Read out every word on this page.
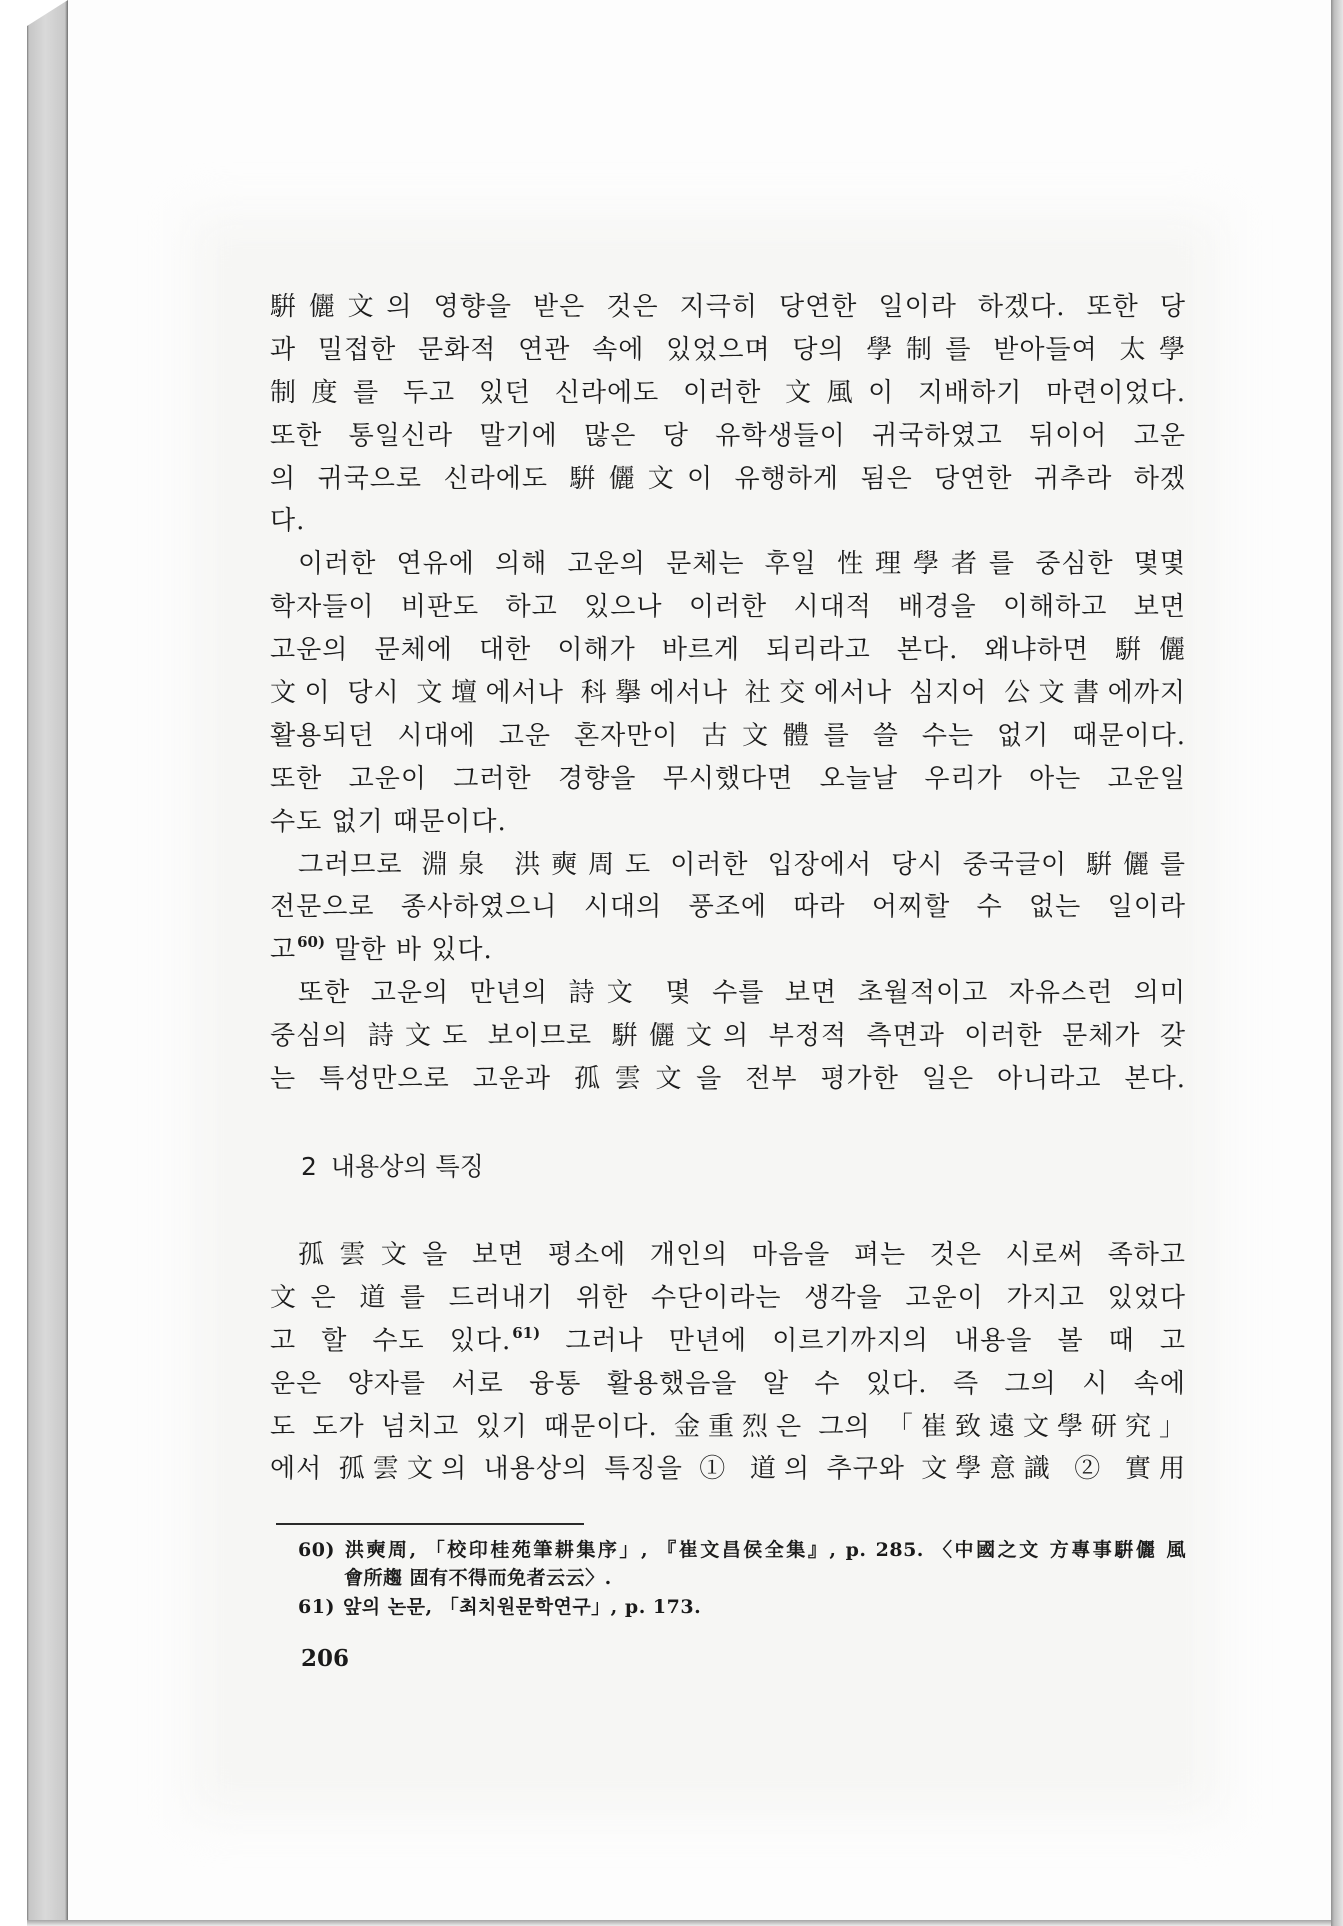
騈儷文의 영향을 받은 것은 지극히 당연한 일이라 하겠다. 또한 당
과 밀접한 문화적 연관 속에 있었으며 당의 學制를 받아들여 太學
制度를 두고 있던 신라에도 이러한 文風이 지배하기 마련이었다.
또한 통일신라 말기에 많은 당 유학생들이 귀국하였고 뒤이어 고운
의 귀국으로 신라에도 騈儷文이 유행하게 됨은 당연한 귀추라 하겠
다.
이러한 연유에 의해 고운의 문체는 후일 性理學者를 중심한 몇몇
학자들이 비판도 하고 있으나 이러한 시대적 배경을 이해하고 보면
고운의 문체에 대한 이해가 바르게 되리라고 본다. 왜냐하면 騈儷
文이 당시 文壇에서나 科擧에서나 社交에서나 심지어 公文書에까지
활용되던 시대에 고운 혼자만이 古文體를 쓸 수는 없기 때문이다.
또한 고운이 그러한 경향을 무시했다면 오늘날 우리가 아는 고운일
수도 없기 때문이다.
그러므로 淵泉 洪奭周도 이러한 입장에서 당시 중국글이 騈儷를
전문으로 종사하였으니 시대의 풍조에 따라 어찌할 수 없는 일이라
고$^{60)}$ 말한 바 있다.
또한 고운의 만년의 詩文 몇 수를 보면 초월적이고 자유스런 의미
중심의 詩文도 보이므로 騈儷文의 부정적 측면과 이러한 문체가 갖
는 특성만으로 고운과 孤雲文을 전부 평가한 일은 아니라고 본다.
2 내용상의 특징
孤雲文을 보면 평소에 개인의 마음을 펴는 것은 시로써 족하고
文은 道를 드러내기 위한 수단이라는 생각을 고운이 가지고 있었다
고 할 수도 있다.$^{61)}$ 그러나 만년에 이르기까지의 내용을 볼 때 고
운은 양자를 서로 융통 활용했음을 알 수 있다. 즉 그의 시 속에
도 도가 넘치고 있기 때문이다. 金重烈은 그의 「崔致遠文學研究」
에서 孤雲文의 내용상의 특징을 ① 道의 추구와 文學意識 ② 實用
60) 洪奭周, 「校印桂苑筆耕集序」, 『崔文昌侯全集』, p. 285. 〈中國之文 方專事騈儷 風
會所趨 固有不得而免者云云〉.
61) 앞의 논문, 「최치원문학연구」, p. 173.
206
